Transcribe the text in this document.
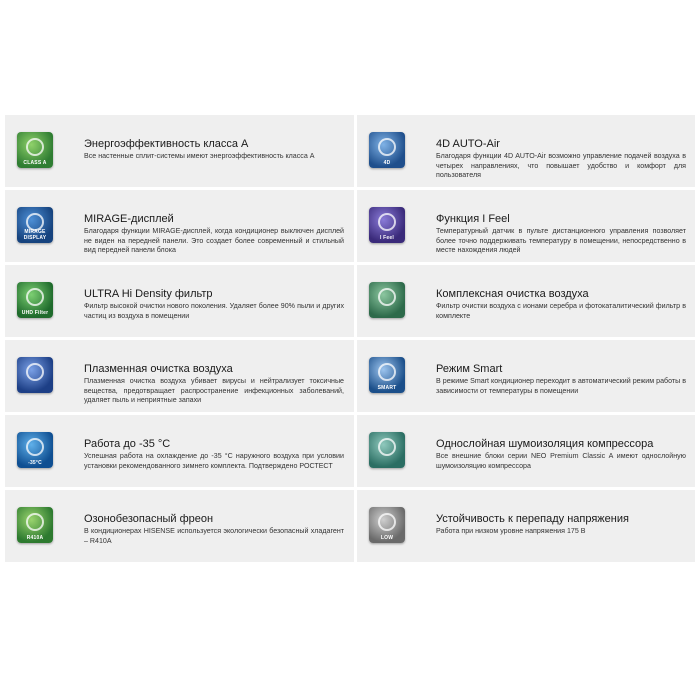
CLASS A
Энергоэффективность класса А
Все настенные сплит-системы имеют энергоэффективность класса А
4D
4D AUTO-Air
Благодаря функции 4D AUTO-Air возможно управление подачей воздуха в четырех направлениях, что повышает удобство и комфорт для пользователя
MIRAGE DISPLAY
MIRAGE-дисплей
Благодаря функции MIRAGE-дисплей, когда кондиционер выключен дисплей не виден на передней панели. Это создает более современный и стильный вид передней панели блока
I Feel
Функция I Feel
Температурный датчик в пульте дистанционного управления позволяет более точно поддерживать температуру в помещении, непосредственно в месте нахождения людей
UHD Filter
ULTRA Hi Density фильтр
Фильтр высокой очистки нового поколения. Удаляет более 90% пыли и других частиц из воздуха в помещении
Комплексная очистка воздуха
Фильтр очистки воздуха с ионами серебра и фотокаталитический фильтр в комплекте
Плазменная очистка воздуха
Плазменная очистка воздуха убивает вирусы и нейтрализует токсичные вещества, предотвращает распространение инфекционных заболеваний, удаляет пыль и неприятные запахи
SMART
Режим Smart
В режиме Smart кондиционер переходит в автоматический режим работы в зависимости от температуры в помещении
-35°C
Работа до -35 °С
Успешная работа на охлаждение до -35 °С наружного воздуха при условии установки рекомендованного зимнего комплекта. Подтверждено РОСТЕСТ
Однослойная шумоизоляция компрессора
Все внешние блоки серии NEO Premium Classic A имеют однослойную шумоизоляцию компрессора
R410A
Озонобезопасный фреон
В кондиционерах HISENSE используется экологически безопасный хладагент – R410A	LOW
Устойчивость к перепаду напряжения
Работа при низком уровне напряжения 175 В
